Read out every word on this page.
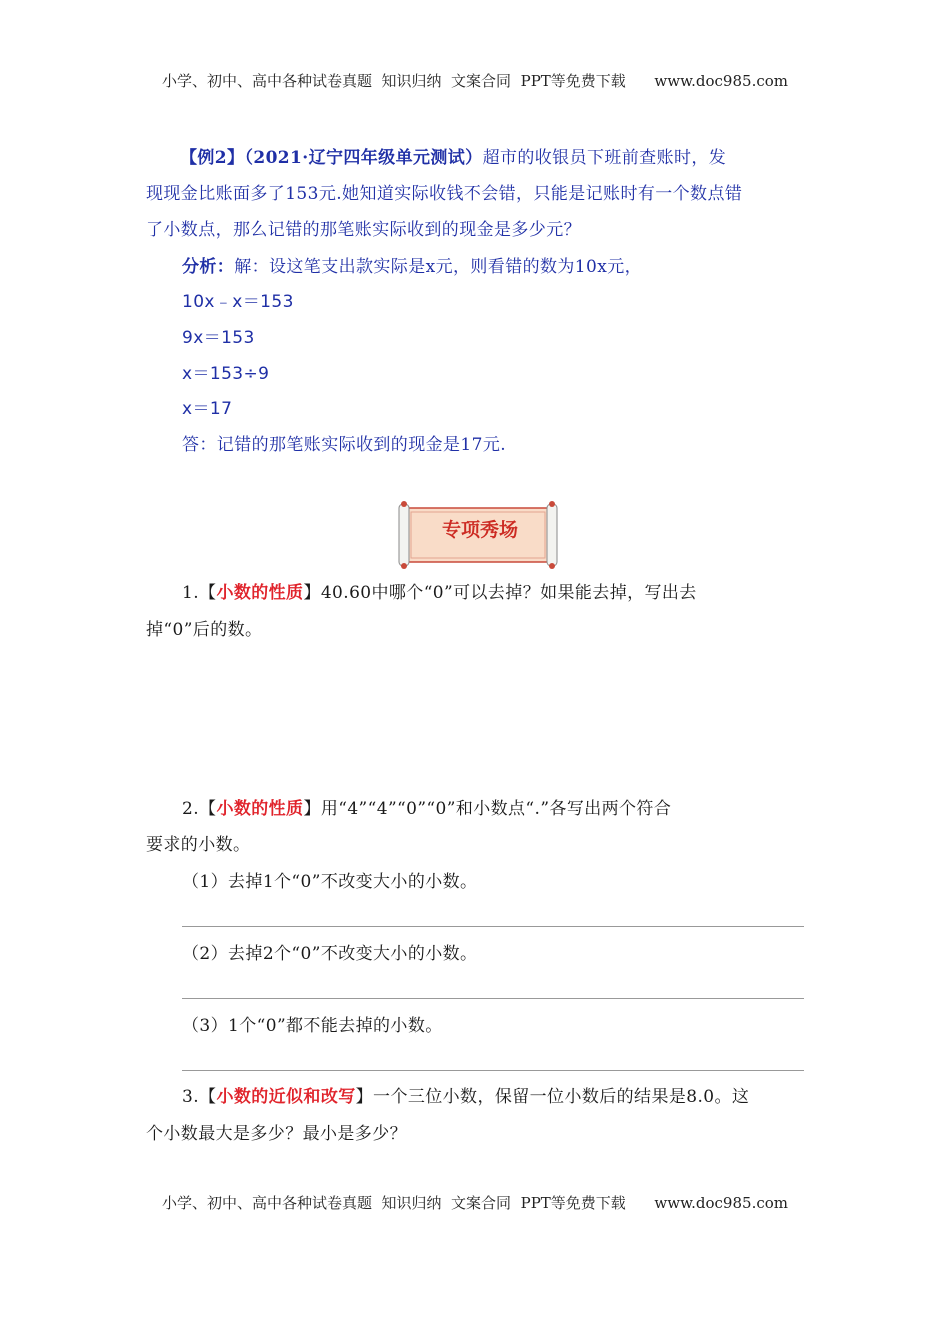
小学、初中、高中各种试卷真题  知识归纳  文案合同  PPT等免费下载      www.doc985.com
【例2】（2021·辽宁四年级单元测试）超市的收银员下班前查账时，发
现现金比账面多了153元.她知道实际收钱不会错，只能是记账时有一个数点错
了小数点，那么记错的那笔账实际收到的现金是多少元？
分析：解：设这笔支出款实际是x元，则看错的数为10x元，
10x﹣x＝153
9x＝153
x＝153÷9
x＝17
答：记错的那笔账实际收到的现金是17元.
专项秀场
1.【小数的性质】40.60中哪个“0”可以去掉？如果能去掉，写出去
掉“0”后的数。
2.【小数的性质】用“4”“4”“0”“0”和小数点“.”各写出两个符合
要求的小数。
（1）去掉1个“0”不改变大小的小数。
（2）去掉2个“0”不改变大小的小数。
（3）1个“0”都不能去掉的小数。
3.【小数的近似和改写】一个三位小数，保留一位小数后的结果是8.0。这
个小数最大是多少？最小是多少？
小学、初中、高中各种试卷真题  知识归纳  文案合同  PPT等免费下载      www.doc985.com
